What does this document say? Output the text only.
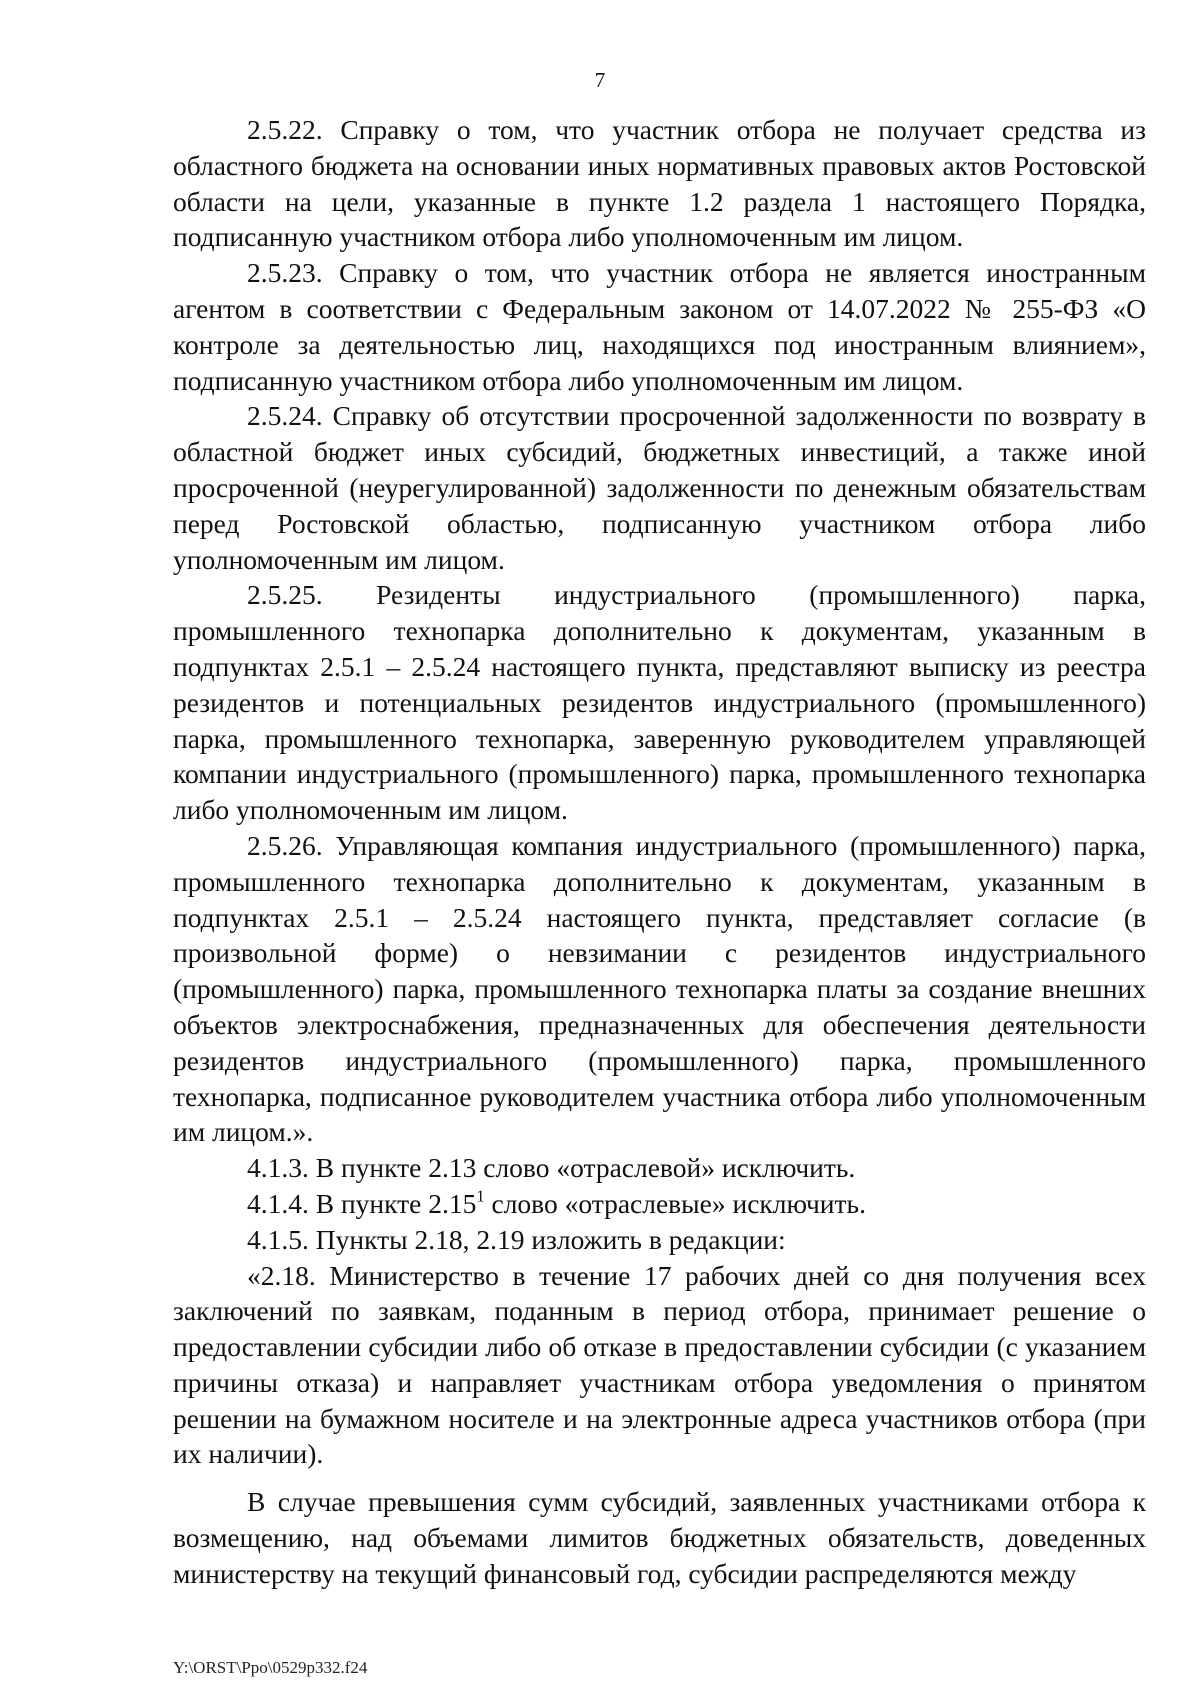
7

2.5.22. Справку о том, что участник отбора не получает средства из областного бюджета на основании иных нормативных правовых актов Ростовской области на цели, указанные в пункте 1.2 раздела 1 настоящего Порядка, подписанную участником отбора либо уполномоченным им лицом.

2.5.23. Справку о том, что участник отбора не является иностранным агентом в соответствии с Федеральным законом от 14.07.2022 № 255-ФЗ «О контроле за деятельностью лиц, находящихся под иностранным влиянием», подписанную участником отбора либо уполномоченным им лицом.

2.5.24. Справку об отсутствии просроченной задолженности по возврату в областной бюджет иных субсидий, бюджетных инвестиций, а также иной просроченной (неурегулированной) задолженности по денежным обязательствам перед Ростовской областью, подписанную участником отбора либо уполномоченным им лицом.

2.5.25. Резиденты индустриального (промышленного) парка, промышленного технопарка дополнительно к документам, указанным в подпунктах 2.5.1 – 2.5.24 настоящего пункта, представляют выписку из реестра резидентов и потенциальных резидентов индустриального (промышленного) парка, промышленного технопарка, заверенную руководителем управляющей компании индустриального (промышленного) парка, промышленного технопарка либо уполномоченным им лицом.

2.5.26. Управляющая компания индустриального (промышленного) парка, промышленного технопарка дополнительно к документам, указанным в подпунктах 2.5.1 – 2.5.24 настоящего пункта, представляет согласие (в произвольной форме) о невзимании с резидентов индустриального (промышленного) парка, промышленного технопарка платы за создание внешних объектов электроснабжения, предназначенных для обеспечения деятельности резидентов индустриального (промышленного) парка, промышленного технопарка, подписанное руководителем участника отбора либо уполномоченным им лицом.».

4.1.3. В пункте 2.13 слово «отраслевой» исключить.

4.1.4. В пункте 2.15$^1$ слово «отраслевые» исключить.

4.1.5. Пункты 2.18, 2.19 изложить в редакции:

«2.18. Министерство в течение 17 рабочих дней со дня получения всех заключений по заявкам, поданным в период отбора, принимает решение о предоставлении субсидии либо об отказе в предоставлении субсидии (с указанием причины отказа) и направляет участникам отбора уведомления о принятом решении на бумажном носителе и на электронные адреса участников отбора (при их наличии).

В случае превышения сумм субсидий, заявленных участниками отбора к возмещению, над объемами лимитов бюджетных обязательств, доведенных министерству на текущий финансовый год, субсидии распределяются между

Y:\ORST\Ppo\0529p332.f24
